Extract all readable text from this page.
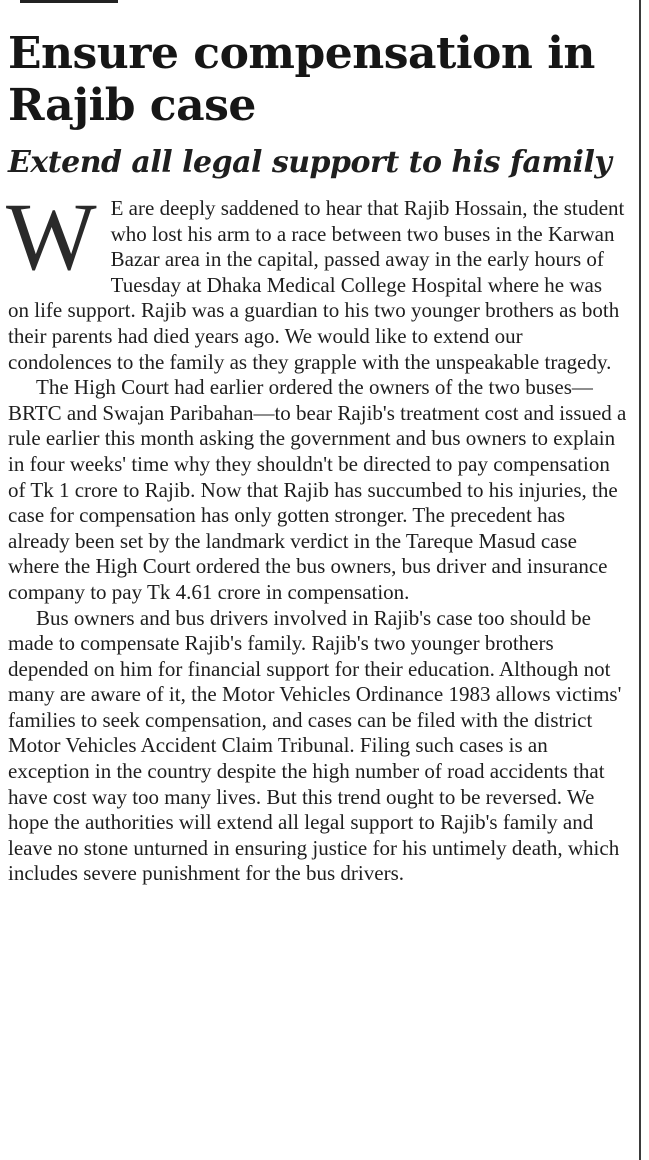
Ensure compensation in Rajib case
Extend all legal support to his family

W E are deeply saddened to hear that Rajib Hossain, the student who lost his arm to a race between two buses in the Karwan Bazar area in the capital, passed away in the early hours of Tuesday at Dhaka Medical College Hospital where he was on life support. Rajib was a guardian to his two younger brothers as both their parents had died years ago. We would like to extend our condolences to the family as they grapple with the unspeakable tragedy.

The High Court had earlier ordered the owners of the two buses—BRTC and Swajan Paribahan—to bear Rajib's treatment cost and issued a rule earlier this month asking the government and bus owners to explain in four weeks' time why they shouldn't be directed to pay compensation of Tk 1 crore to Rajib. Now that Rajib has succumbed to his injuries, the case for compensation has only gotten stronger. The precedent has already been set by the landmark verdict in the Tareque Masud case where the High Court ordered the bus owners, bus driver and insurance company to pay Tk 4.61 crore in compensation.

Bus owners and bus drivers involved in Rajib's case too should be made to compensate Rajib's family. Rajib's two younger brothers depended on him for financial support for their education. Although not many are aware of it, the Motor Vehicles Ordinance 1983 allows victims' families to seek compensation, and cases can be filed with the district Motor Vehicles Accident Claim Tribunal. Filing such cases is an exception in the country despite the high number of road accidents that have cost way too many lives. But this trend ought to be reversed. We hope the authorities will extend all legal support to Rajib's family and leave no stone unturned in ensuring justice for his untimely death, which includes severe punishment for the bus drivers.
